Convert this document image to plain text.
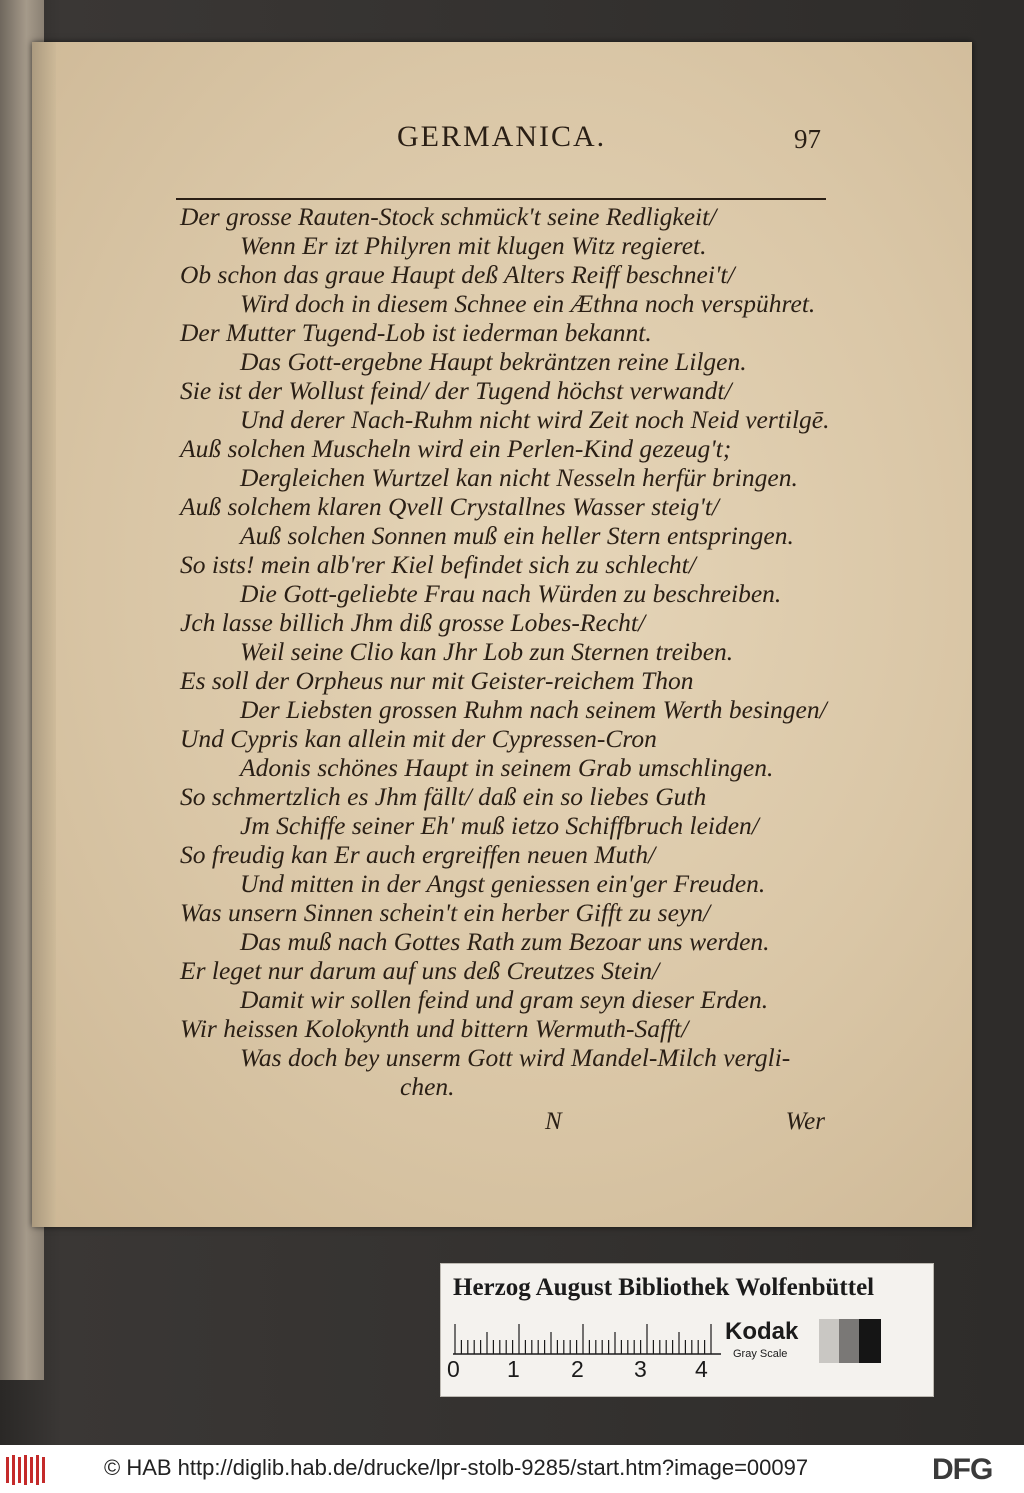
GERMANICA.	97
Der grosse Rauten-Stock schmück't seine Redligkeit/
Wenn Er izt Philyren mit klugen Witz regieret.
Ob schon das graue Haupt deß Alters Reiff beschnei't/
Wird doch in diesem Schnee ein Æthna noch verspühret.
Der Mutter Tugend-Lob ist iederman bekannt.
Das Gott-ergebne Haupt bekräntzen reine Lilgen.
Sie ist der Wollust feind/ der Tugend höchst verwandt/
Und derer Nach-Ruhm nicht wird Zeit noch Neid vertilgē.
Auß solchen Muscheln wird ein Perlen-Kind gezeug't;
Dergleichen Wurtzel kan nicht Nesseln herfür bringen.
Auß solchem klaren Qvell Crystallnes Wasser steig't/
Auß solchen Sonnen muß ein heller Stern entspringen.
So ists! mein alb'rer Kiel befindet sich zu schlecht/
Die Gott-geliebte Frau nach Würden zu beschreiben.
Jch lasse billich Jhm diß grosse Lobes-Recht/
Weil seine Clio kan Jhr Lob zun Sternen treiben.
Es soll der Orpheus nur mit Geister-reichem Thon
Der Liebsten grossen Ruhm nach seinem Werth besingen/
Und Cypris kan allein mit der Cypressen-Cron
Adonis schönes Haupt in seinem Grab umschlingen.
So schmertzlich es Jhm fällt/ daß ein so liebes Guth
Jm Schiffe seiner Eh' muß ietzo Schiffbruch leiden/
So freudig kan Er auch ergreiffen neuen Muth/
Und mitten in der Angst geniessen ein'ger Freuden.
Was unsern Sinnen schein't ein herber Gifft zu seyn/
Das muß nach Gottes Rath zum Bezoar uns werden.
Er leget nur darum auf uns deß Creutzes Stein/
Damit wir sollen feind und gram seyn dieser Erden.
Wir heissen Kolokynth und bittern Wermuth-Safft/
Was doch bey unserm Gott wird Mandel-Milch vergli-
chen.
N	Wer
Herzog August Bibliothek Wolfenbüttel
0 1 2 3 4
Kodak
Gray Scale
© HAB http://diglib.hab.de/drucke/lpr-stolb-9285/start.htm?image=00097	DFG
